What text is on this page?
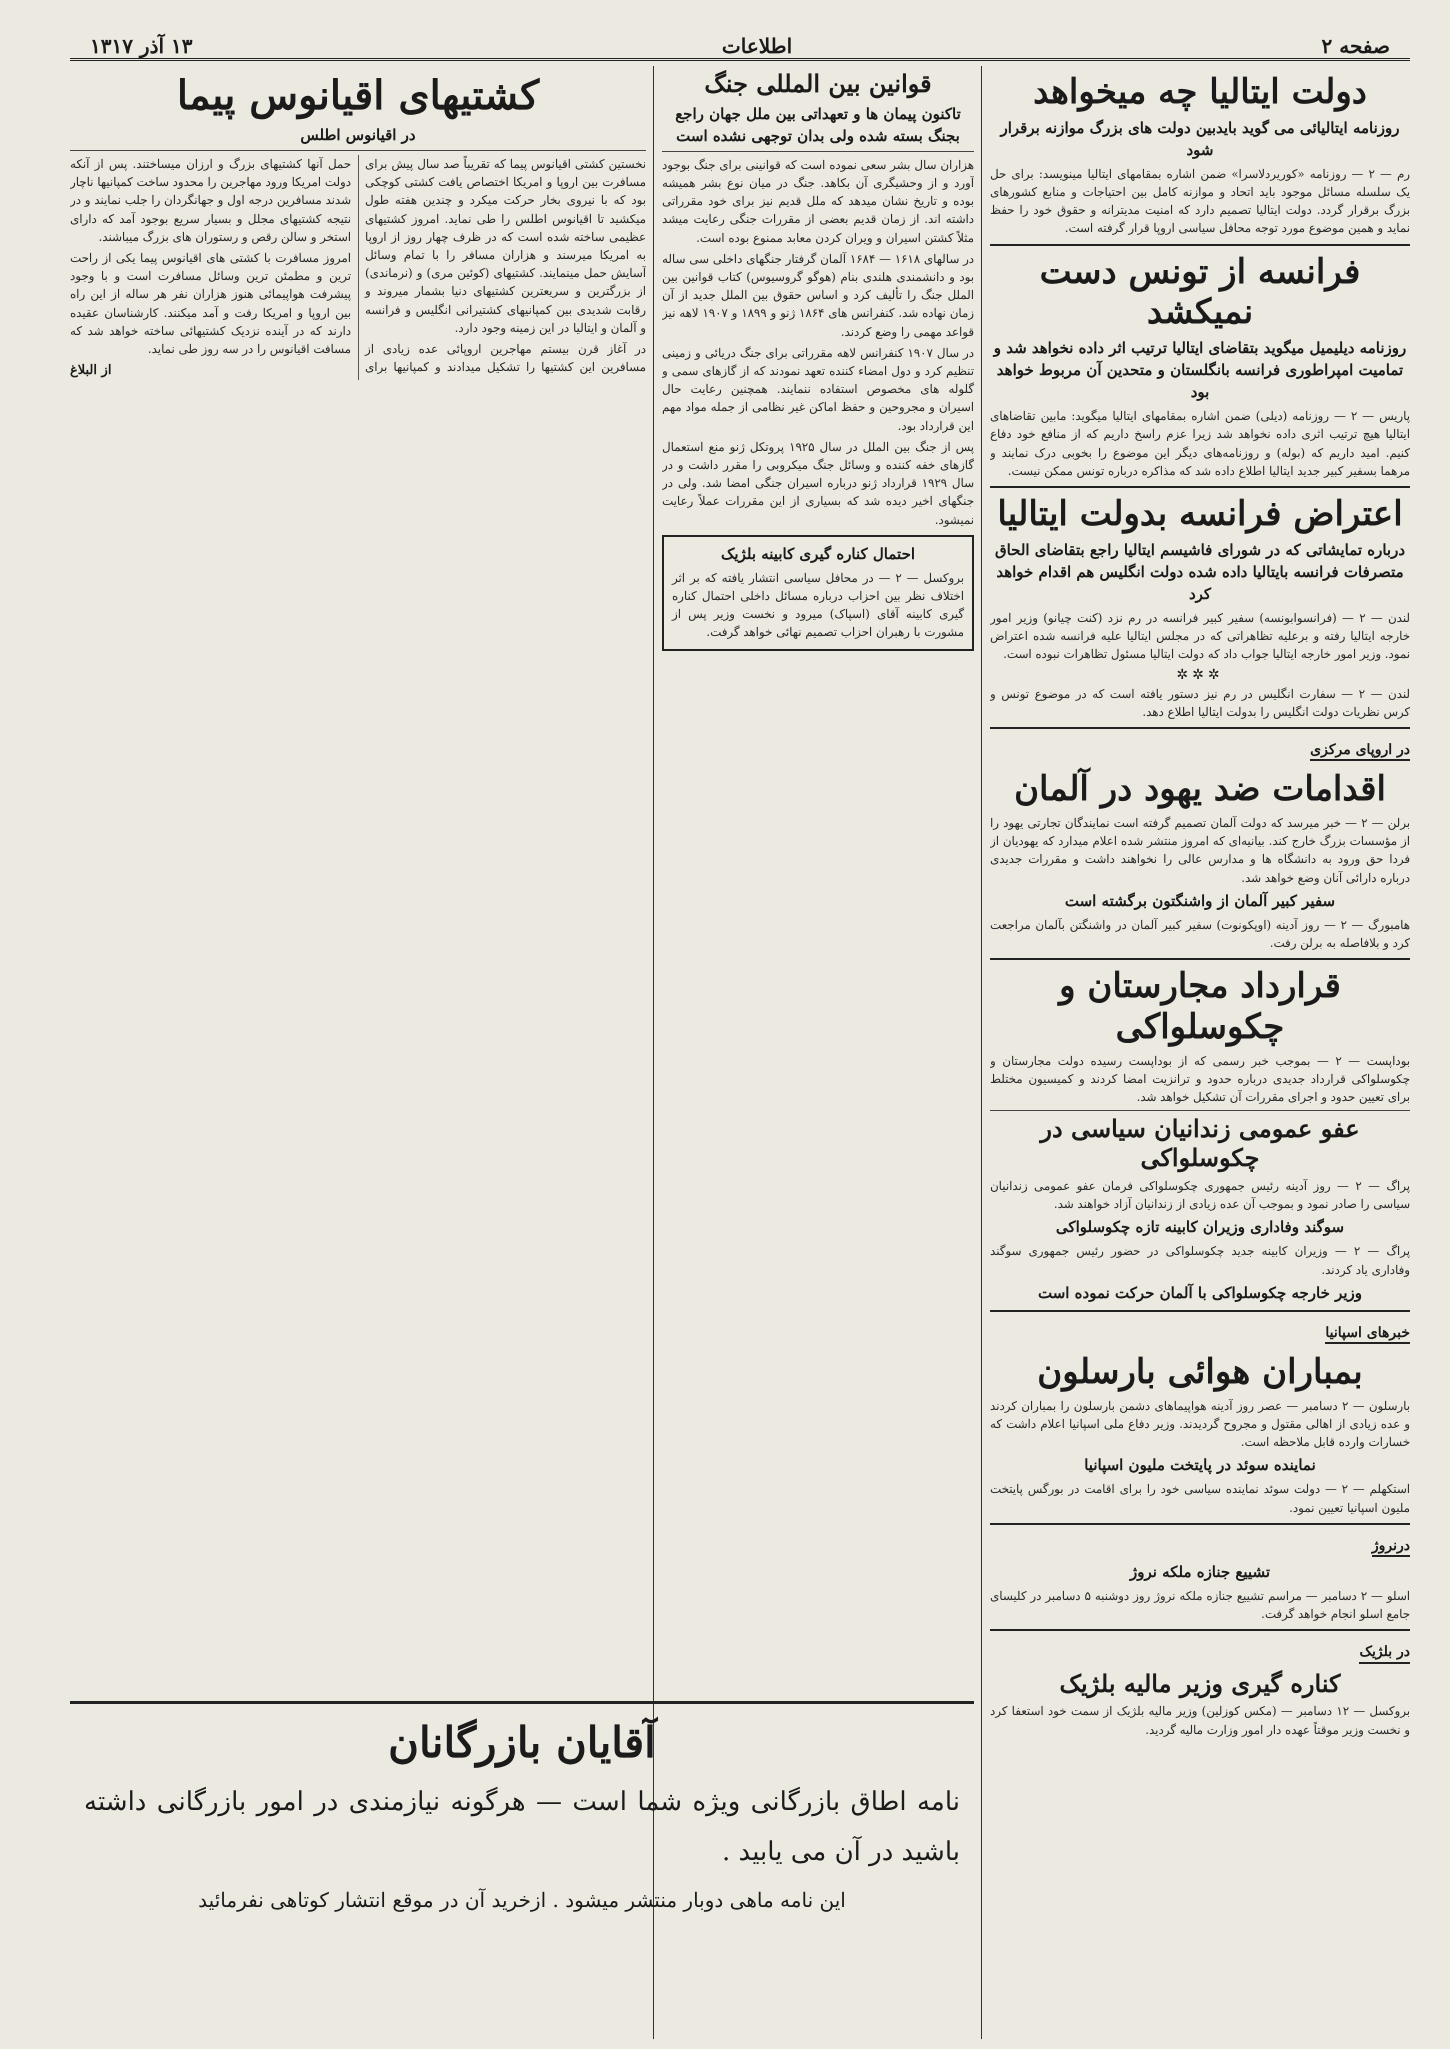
صفحه ۲
اطلاعات
۱۳ آذر ۱۳۱۷
دولت ایتالیا چه میخواهد
روزنامه ایتالیائی می گوید بایدبین دولت های بزرگ موازنه برقرار شود

رم — ۲ — روزنامه «کوریردلاسرا» ضمن اشاره بمقامهای ایتالیا مینویسد: برای حل یک سلسله مسائل موجود باید اتحاد و موازنه کامل بین احتیاجات و منابع کشورهای بزرگ برقرار گردد. دولت ایتالیا تصمیم دارد که امنیت مدیترانه و حقوق خود را حفظ نماید و همین موضوع مورد توجه محافل سیاسی اروپا قرار گرفته است.

فرانسه از تونس دست نمیکشد
روزنامه دیلیمیل میگوید بتقاضای ایتالیا ترتیب اثر داده نخواهد شد و تمامیت امپراطوری فرانسه بانگلستان و متحدین آن مربوط خواهد بود

پاریس — ۲ — روزنامه (دیلی) ضمن اشاره بمقامهای ایتالیا میگوید: مابین تقاضاهای ایتالیا هیچ ترتیب اثری داده نخواهد شد زیرا عزم راسخ داریم که از منافع خود دفاع کنیم. امید داریم که (بوله) و روزنامه‌های دیگر این موضوع را بخوبی درک نمایند و مرهما بسفیر کبیر جدید ایتالیا اطلاع داده شد که مذاکره درباره تونس ممکن نیست.

اعتراض فرانسه بدولت ایتالیا
درباره تمایشاتی که در شورای فاشیسم ایتالیا راجع بتقاضای الحاق متصرفات فرانسه بایتالیا داده شده دولت انگلیس هم اقدام خواهد کرد

لندن — ۲ — (فرانسوابونسه) سفیر کبیر فرانسه در رم نزد (کنت چیانو) وزیر امور خارجه ایتالیا رفته و برعلیه تظاهراتی که در مجلس ایتالیا علیه فرانسه شده اعتراض نمود. وزیر امور خارجه ایتالیا جواب داد که دولت ایتالیا مسئول تظاهرات نبوده است.

✲✲✲

لندن — ۲ — سفارت انگلیس در رم نیز دستور یافته است که در موضوع تونس و کرس نظریات دولت انگلیس را بدولت ایتالیا اطلاع دهد.

در اروپای مرکزی
اقدامات ضد یهود در آلمان

برلن — ۲ — خبر میرسد که دولت آلمان تصمیم گرفته است نمایندگان تجارتی یهود را از مؤسسات بزرگ خارج کند. بیانیه‌ای که امروز منتشر شده اعلام میدارد که یهودیان از فردا حق ورود به دانشگاه ها و مدارس عالی را نخواهند داشت و مقررات جدیدی درباره دارائی آنان وضع خواهد شد.

سفیر کبیر آلمان از واشنگتون برگشته است

هامبورگ — ۲ — روز آدینه (اوپکونوت) سفیر کبیر آلمان در واشنگتن بآلمان مراجعت کرد و بلافاصله به برلن رفت.

قرارداد مجارستان و چکوسلواکی

بوداپست — ۲ — بموجب خبر رسمی که از بوداپست رسیده دولت مجارستان و چکوسلواکی قرارداد جدیدی درباره حدود و ترانزیت امضا کردند و کمیسیون مختلط برای تعیین حدود و اجرای مقررات آن تشکیل خواهد شد.

عفو عمومی زندانیان سیاسی در چکوسلواکی

پراگ — ۲ — روز آدینه رئیس جمهوری چکوسلواکی فرمان عفو عمومی زندانیان سیاسی را صادر نمود و بموجب آن عده زیادی از زندانیان آزاد خواهند شد.

سوگند وفاداری وزیران کابینه تازه چکوسلواکی

پراگ — ۲ — وزیران کابینه جدید چکوسلواکی در حضور رئیس جمهوری سوگند وفاداری یاد کردند.

وزیر خارجه چکوسلواکی با آلمان حرکت نموده است
خبرهای اسپانیا
بمباران هوائی بارسلون

بارسلون — ۲ دسامبر — عصر روز آدینه هواپیماهای دشمن بارسلون را بمباران کردند و عده زیادی از اهالی مقتول و مجروح گردیدند. وزیر دفاع ملی اسپانیا اعلام داشت که خسارات وارده قابل ملاحظه است.

نماینده سوئد در پایتخت ملیون اسپانیا

استکهلم — ۲ — دولت سوئد نماینده سیاسی خود را برای اقامت در بورگس پایتخت ملیون اسپانیا تعیین نمود.

درنروژ
تشییع جنازه ملکه نروژ

اسلو — ۲ دسامبر — مراسم تشییع جنازه ملکه نروژ روز دوشنبه ۵ دسامبر در کلیسای جامع اسلو انجام خواهد گرفت.

در بلژیک
کناره گیری وزیر مالیه بلژیک

بروکسل — ۱۲ دسامبر — (مکس کوزلین) وزیر مالیه بلژیک از سمت خود استعفا کرد و نخست وزیر موقتاً عهده دار امور وزارت مالیه گردید.

قوانین بین المللی جنگ
تاکنون پیمان ها و تعهداتی بین ملل جهان راجع بجنگ بسته شده ولی بدان توجهی نشده است

هزاران سال بشر سعی نموده است که قوانینی برای جنگ بوجود آورد و از وحشیگری آن بکاهد. جنگ در میان نوع بشر همیشه بوده و تاریخ نشان میدهد که ملل قدیم نیز برای خود مقرراتی داشته اند. از زمان قدیم بعضی از مقررات جنگی رعایت میشد مثلاً کشتن اسیران و ویران کردن معابد ممنوع بوده است.

در سالهای ۱۶۱۸ — ۱۶۸۴ آلمان گرفتار جنگهای داخلی سی ساله بود و دانشمندی هلندی بنام (هوگو گروسیوس) کتاب قوانین بین الملل جنگ را تألیف کرد و اساس حقوق بین الملل جدید از آن زمان نهاده شد. کنفرانس های ۱۸۶۴ ژنو و ۱۸۹۹ و ۱۹۰۷ لاهه نیز قواعد مهمی را وضع کردند.

در سال ۱۹۰۷ کنفرانس لاهه مقرراتی برای جنگ دریائی و زمینی تنظیم کرد و دول امضاء کننده تعهد نمودند که از گازهای سمی و گلوله های مخصوص استفاده ننمایند. همچنین رعایت حال اسیران و مجروحین و حفظ اماکن غیر نظامی از جمله مواد مهم این قرارداد بود.

پس از جنگ بین الملل در سال ۱۹۲۵ پروتکل ژنو منع استعمال گازهای خفه کننده و وسائل جنگ میکروبی را مقرر داشت و در سال ۱۹۲۹ قرارداد ژنو درباره اسیران جنگی امضا شد. ولی در جنگهای اخیر دیده شد که بسیاری از این مقررات عملاً رعایت نمیشود.

احتمال کناره گیری کابینه بلژیک

بروکسل — ۲ — در محافل سیاسی انتشار یافته که بر اثر اختلاف نظر بین احزاب درباره مسائل داخلی احتمال کناره گیری کابینه آقای (اسپاک) میرود و نخست وزیر پس از مشورت با رهبران احزاب تصمیم نهائی خواهد گرفت.

کشتیهای اقیانوس پیما
در اقیانوس اطلس

نخستین کشتی اقیانوس پیما که تقریباً صد سال پیش برای مسافرت بین اروپا و امریکا اختصاص یافت کشتی کوچکی بود که با نیروی بخار حرکت میکرد و چندین هفته طول میکشید تا اقیانوس اطلس را طی نماید. امروز کشتیهای عظیمی ساخته شده است که در ظرف چهار روز از اروپا به امریکا میرسند و هزاران مسافر را با تمام وسائل آسایش حمل مینمایند. کشتیهای (کوئین مری) و (نرماندی) از بزرگترین و سریعترین کشتیهای دنیا بشمار میروند و رقابت شدیدی بین کمپانیهای کشتیرانی انگلیس و فرانسه و آلمان و ایتالیا در این زمینه وجود دارد.

در آغاز قرن بیستم مهاجرین اروپائی عده زیادی از مسافرین این کشتیها را تشکیل میدادند و کمپانیها برای حمل آنها کشتیهای بزرگ و ارزان میساختند. پس از آنکه دولت امریکا ورود مهاجرین را محدود ساخت کمپانیها ناچار شدند مسافرین درجه اول و جهانگردان را جلب نمایند و در نتیجه کشتیهای مجلل و بسیار سریع بوجود آمد که دارای استخر و سالن رقص و رستوران های بزرگ میباشند.

امروز مسافرت با کشتی های اقیانوس پیما یکی از راحت ترین و مطمئن ترین وسائل مسافرت است و با وجود پیشرفت هواپیمائی هنوز هزاران نفر هر ساله از این راه بین اروپا و امریکا رفت و آمد میکنند. کارشناسان عقیده دارند که در آینده نزدیک کشتیهائی ساخته خواهد شد که مسافت اقیانوس را در سه روز طی نماید.

از البلاغ
آقایان بازرگانان
نامه اطاق بازرگانی ویژه شما است — هرگونه نیازمندی در امور بازرگانی داشته باشید در آن می یابید .
این نامه ماهی دوبار منتشر میشود . ازخرید آن در موقع انتشار کوتاهی نفرمائید
